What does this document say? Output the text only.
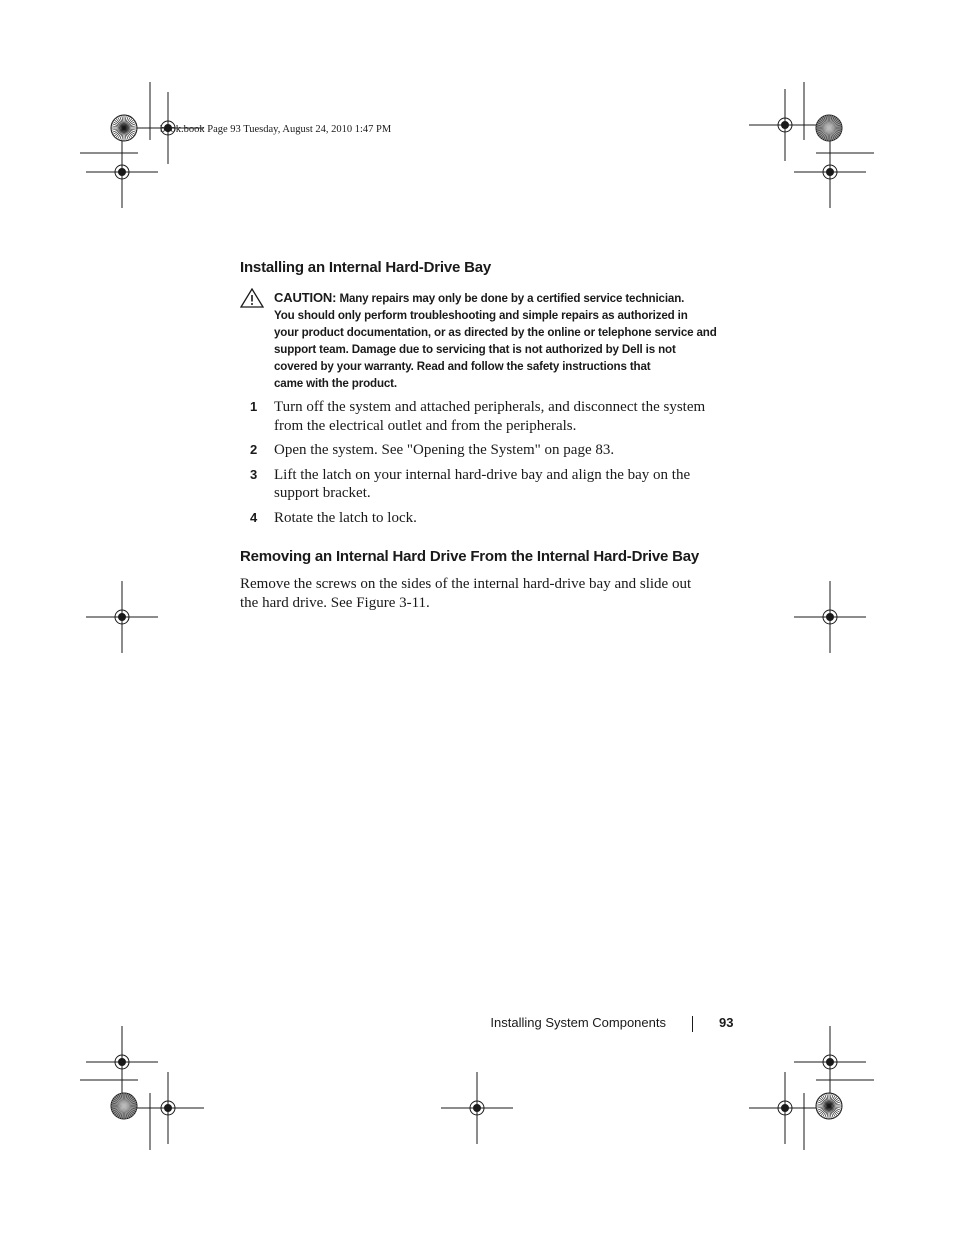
book.book Page 93 Tuesday, August 24, 2010 1:47 PM
Installing an Internal Hard-Drive Bay
CAUTION: Many repairs may only be done by a certified service technician.
You should only perform troubleshooting and simple repairs as authorized in
your product documentation, or as directed by the online or telephone service and
support team. Damage due to servicing that is not authorized by Dell is not
covered by your warranty. Read and follow the safety instructions that
came with the product.
1 Turn off the system and attached peripherals, and disconnect the system
from the electrical outlet and from the peripherals.
2 Open the system. See "Opening the System" on page 83.
3 Lift the latch on your internal hard-drive bay and align the bay on the
support bracket.
4 Rotate the latch to lock.
Removing an Internal Hard Drive From the Internal Hard-Drive Bay
Remove the screws on the sides of the internal hard-drive bay and slide out
the hard drive. See Figure 3-11.
Installing System Components	93
